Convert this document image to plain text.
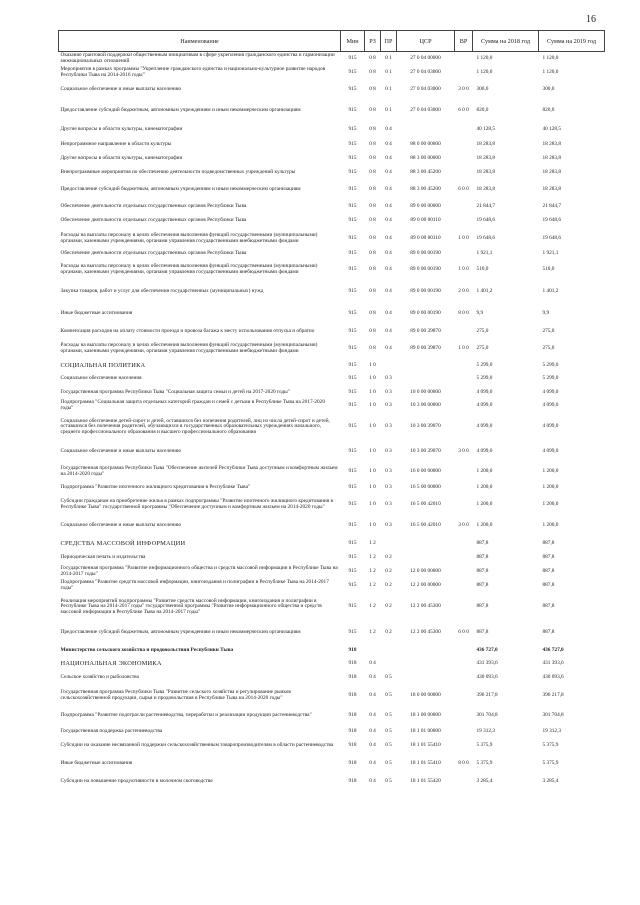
16
Наименование	Мин	РЗ	ПР	ЦСР	ВР	Сумма на 2018 год	Сумма на 2019 год
Оказание грантовой поддержки общественным инициативам в сфере укрепления гражданского единства и гармонизации межнациональных отношений	915	0 8	0 1	27 0 04 00000		1 120,0	1 120,0
Мероприятия в рамках программы "Укрепление гражданского единства и национально-культурное развитие народов Республики Тыва на 2014-2016 годы"	915	0 8	0 1	27 0 04 03000		1 120,0	1 120,0
Социальное обеспечение и иные выплаты населению	915	0 8	0 1	27 0 04 03000	3 0 0	300,0	300,0
Предоставление субсидий бюджетным, автономным учреждениям и иным некоммерческим организациям	915	0 8	0 1	27 0 04 03000	6 0 0	820,0	820,0
Другие вопросы в области культуры, кинематографии	915	0 8	0 4			40 128,5	40 128,5
Непрограммное направление в области культуры	915	0 8	0 4	88 0 00 00000		18 283,8	18 283,8
Другие вопросы в области культуры, кинематографии	915	0 8	0 4	88 3 00 00000		18 283,8	18 283,8
Внепрограммные мероприятия по обеспечению деятельности подведомственных учреждений культуры	915	0 8	0 4	88 3 00 45200		18 283,8	18 283,8
Предоставление субсидий бюджетным, автономным учреждениям и иным некоммерческим организациям	915	0 8	0 4	88 3 00 45200	6 0 0	18 283,8	18 283,8
Обеспечение деятельности отдельных государственных органов Республики Тыва	915	0 8	0 4	89 0 00 00000		21 844,7	21 844,7
Обеспечение деятельности отдельных государственных органов Республики Тыва	915	0 8	0 4	89 0 00 00110		19 648,6	19 648,6
Расходы на выплаты персоналу в целях обеспечения выполнения функций государственными (муниципальными) органами, казенными учреждениями, органами управления государственными внебюджетными фондами	915	0 8	0 4	89 0 00 00110	1 0 0	19 648,6	19 648,6
Обеспечение деятельности отдельных государственных органов Республики Тыва	915	0 8	0 4	89 0 00 00190		1 921,1	1 921,1
Расходы на выплаты персоналу в целях обеспечения выполнения функций государственными (муниципальными) органами, казенными учреждениями, органами управления государственными внебюджетными фондами	915	0 8	0 4	89 0 00 00190	1 0 0	510,0	510,0
Закупка товаров, работ и услуг для обеспечения государственных (муниципальных) нужд	915	0 8	0 4	89 0 00 00190	2 0 0	1 401,2	1 401,2
Иные бюджетные ассигнования	915	0 8	0 4	89 0 00 00190	8 0 0	9,9	9,9
Компенсация расходов на оплату стоимости проезда и провоза багажа к месту использования отпуска и обратно	915	0 8	0 4	89 0 00 39870		275,0	275,0
Расходы на выплаты персоналу в целях обеспечения выполнения функций государственными (муниципальными) органами, казенными учреждениями, органами управления государственными внебюджетными фондами	915	0 8	0 4	89 0 00 39870	1 0 0	275,0	275,0
СОЦИАЛЬНАЯ ПОЛИТИКА	915	1 0				5 299,0	5 299,0
Социальное обеспечение населения	915	1 0	0 3			5 299,0	5 299,0
Государственная программа Республики Тыва "Социальная защита семьи и детей на 2017-2020 годы"	915	1 0	0 3	10 0 00 00000		4 099,0	4 099,0
Подпрограмма "Социальная защита отдельных категорий граждан и семей с детьми в Республике Тыва на 2017-2020 годы"	915	1 0	0 3	10 3 00 00000		4 099,0	4 099,0
Социальное обеспечение детей-сирот и детей, оставшихся без попечения родителей, лиц из числа детей-сирот и детей, оставшихся без попечения родителей, обучающихся в государственных образовательных учреждениях начального, среднего профессионального образования и высшего профессионального образования	915	1 0	0 3	10 3 00 39070		4 099,0	4 099,0
Социальное обеспечение и иные выплаты населению	915	1 0	0 3	10 3 00 39070	3 0 0	4 099,0	4 099,0
Государственная программа Республики Тыва "Обеспечение жителей Республики Тыва доступным и комфортным жильем на 2014-2020 годы"	915	1 0	0 3	16 0 00 00000		1 200,0	1 200,0
Подпрограмма "Развитие ипотечного жилищного кредитования в Республике Тыва"	915	1 0	0 3	16 5 00 00000		1 200,0	1 200,0
Субсидии гражданам на приобретение жилья в рамках подпрограммы "Развитие ипотечного жилищного кредитования в Республике Тыва" государственной программы "Обеспечение доступным и комфортным жильем на 2014-2020 годы"	915	1 0	0 3	16 5 00 42010		1 200,0	1 200,0
Социальное обеспечение и иные выплаты населению	915	1 0	0 3	16 5 00 42010	3 0 0	1 200,0	1 200,0
СРЕДСТВА МАССОВОЙ ИНФОРМАЦИИ	915	1 2				887,8	887,8
Периодическая печать и издательства	915	1 2	0 2			887,8	887,8
Государственная программа "Развитие информационного общества и средств массовой информации в Республике Тыва на 2014-2017 годы"	915	1 2	0 2	12 0 00 00000		887,8	887,8
Подпрограмма "Развитие средств массовой информации, книгоиздания и полиграфии в Республике Тыва на 2014-2017 годы"	915	1 2	0 2	12 2 00 00000		887,8	887,8
Реализация мероприятий подпрограммы "Развитие средств массовой информации, книгоиздания и полиграфии в Республике Тыва на 2014-2017 годы" государственной программы "Развитие информационного общества и средств массовой информации в Республике Тыва на 2014-2017 годы"	915	1 2	0 2	12 2 00 45300		887,8	887,8
Предоставление субсидий бюджетным, автономным учреждениям и иным некоммерческим организациям	915	1 2	0 2	12 2 00 45300	6 0 0	887,8	887,8
Министерство сельского хозяйства и продовольствия Республики Тыва	918					436 727,0	436 727,0
НАЦИОНАЛЬНАЯ ЭКОНОМИКА	918	0 4				431 393,6	431 393,6
Сельское хозяйство и рыболовство	918	0 4	0 5			430 093,6	430 093,6
Государственная программа Республики Тыва "Развитие сельского хозяйства и регулирование рынков сельскохозяйственной продукции, сырья и продовольствия в Республике Тыва на 2014-2020 годы"	918	0 4	0 5	18 0 00 00000		396 217,8	396 217,8
Подпрограмма "Развитие подотрасли растениеводства, переработки и реализации продукции растениеводства"	918	0 4	0 5	18 1 00 00000		301 704,8	301 704,8
Государственная поддержка растениеводства	918	0 4	0 5	18 1 01 00000		19 312,3	19 312,3
Субсидии на оказание несвязанной поддержки сельскохозяйственным товаропроизводителям в области растениеводства	918	0 4	0 5	18 1 01 55410		5 375,9	5 375,9
Иные бюджетные ассигнования	918	0 4	0 5	18 1 01 55410	8 0 0	5 375,9	5 375,9
Субсидии на повышение продуктивности в молочном скотоводстве	918	0 4	0 5	18 1 01 55420		3 285,4	3 285,4
